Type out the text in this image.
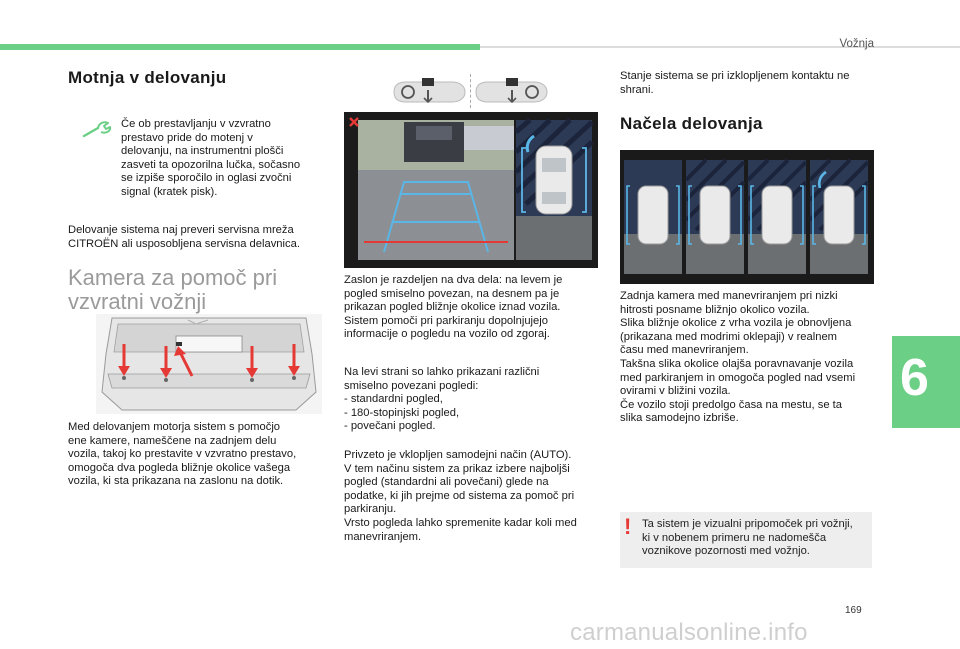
Vožnja
6
Motnja v delovanju
Če ob prestavljanju v vzvratno
prestavo pride do motenj v
delovanju, na instrumentni plošči
zasveti ta opozorilna lučka, sočasno
se izpiše sporočilo in oglasi zvočni
signal (kratek pisk).
Delovanje sistema naj preveri servisna mreža
CITROËN ali usposobljena servisna delavnica.
Kamera za pomoč pri
vzvratni vožnji
Med delovanjem motorja sistem s pomočjo
ene kamere, nameščene na zadnjem delu
vozila, takoj ko prestavite v vzvratno prestavo,
omogoča dva pogleda bližnje okolice vašega
vozila, ki sta prikazana na zaslonu na dotik.
Zaslon je razdeljen na dva dela: na levem je
pogled smiselno povezan, na desnem pa je
prikazan pogled bližnje okolice iznad vozila.
Sistem pomoči pri parkiranju dopolnjujejo
informacije o pogledu na vozilo od zgoraj.
Na levi strani so lahko prikazani različni
smiselno povezani pogledi:
- standardni pogled,
- 180-stopinjski pogled,
- povečani pogled.
Privzeto je vklopljen samodejni način (AUTO).
V tem načinu sistem za prikaz izbere najboljši
pogled (standardni ali povečani) glede na
podatke, ki jih prejme od sistema za pomoč pri
parkiranju.
Vrsto pogleda lahko spremenite kadar koli med
manevriranjem.
Stanje sistema se pri izklopljenem kontaktu ne
shrani.
Načela delovanja
Zadnja kamera med manevriranjem pri nizki
hitrosti posname bližnjo okolico vozila.
Slika bližnje okolice z vrha vozila je obnovljena
(prikazana med modrimi oklepaji) v realnem
času med manevriranjem.
Takšna slika okolice olajša poravnavanje vozila
med parkiranjem in omogoča pogled nad vsemi
ovirami v bližini vozila.
Če vozilo stoji predolgo časa na mestu, se ta
slika samodejno izbriše.
! Ta sistem je vizualni pripomoček pri vožnji,
ki v nobenem primeru ne nadomešča
voznikove pozornosti med vožnjo.
169
carmanualsonline.info
